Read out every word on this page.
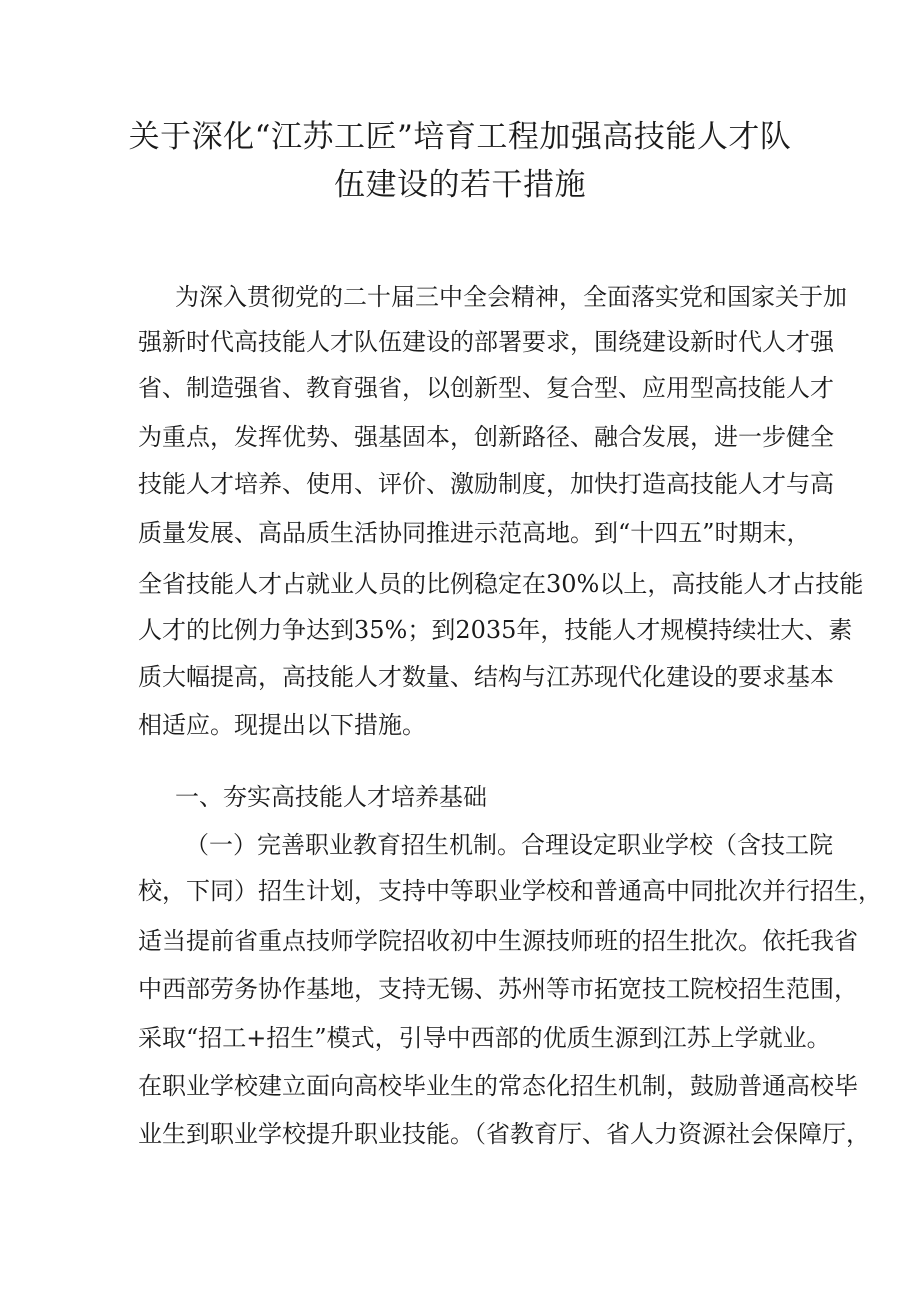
关于深化“江苏工匠”培育工程加强高技能人才队
伍建设的若干措施

为深入贯彻党的二十届三中全会精神，全面落实党和国家关于加

强新时代高技能人才队伍建设的部署要求，围绕建设新时代人才强

省、制造强省、教育强省，以创新型、复合型、应用型高技能人才

为重点，发挥优势、强基固本，创新路径、融合发展，进一步健全

技能人才培养、使用、评价、激励制度，加快打造高技能人才与高

质量发展、高品质生活协同推进示范高地。到“十四五”时期末，

全省技能人才占就业人员的比例稳定在30%以上，高技能人才占技能

人才的比例力争达到35%；到2035年，技能人才规模持续壮大、素

质大幅提高，高技能人才数量、结构与江苏现代化建设的要求基本

相适应。现提出以下措施。

一、夯实高技能人才培养基础

（一）完善职业教育招生机制。合理设定职业学校（含技工院

校，下同）招生计划，支持中等职业学校和普通高中同批次并行招生，

适当提前省重点技师学院招收初中生源技师班的招生批次。依托我省

中西部劳务协作基地，支持无锡、苏州等市拓宽技工院校招生范围，

采取“招工+招生”模式，引导中西部的优质生源到江苏上学就业。

在职业学校建立面向高校毕业生的常态化招生机制，鼓励普通高校毕

业生到职业学校提升职业技能。（省教育厅、省人力资源社会保障厅，
